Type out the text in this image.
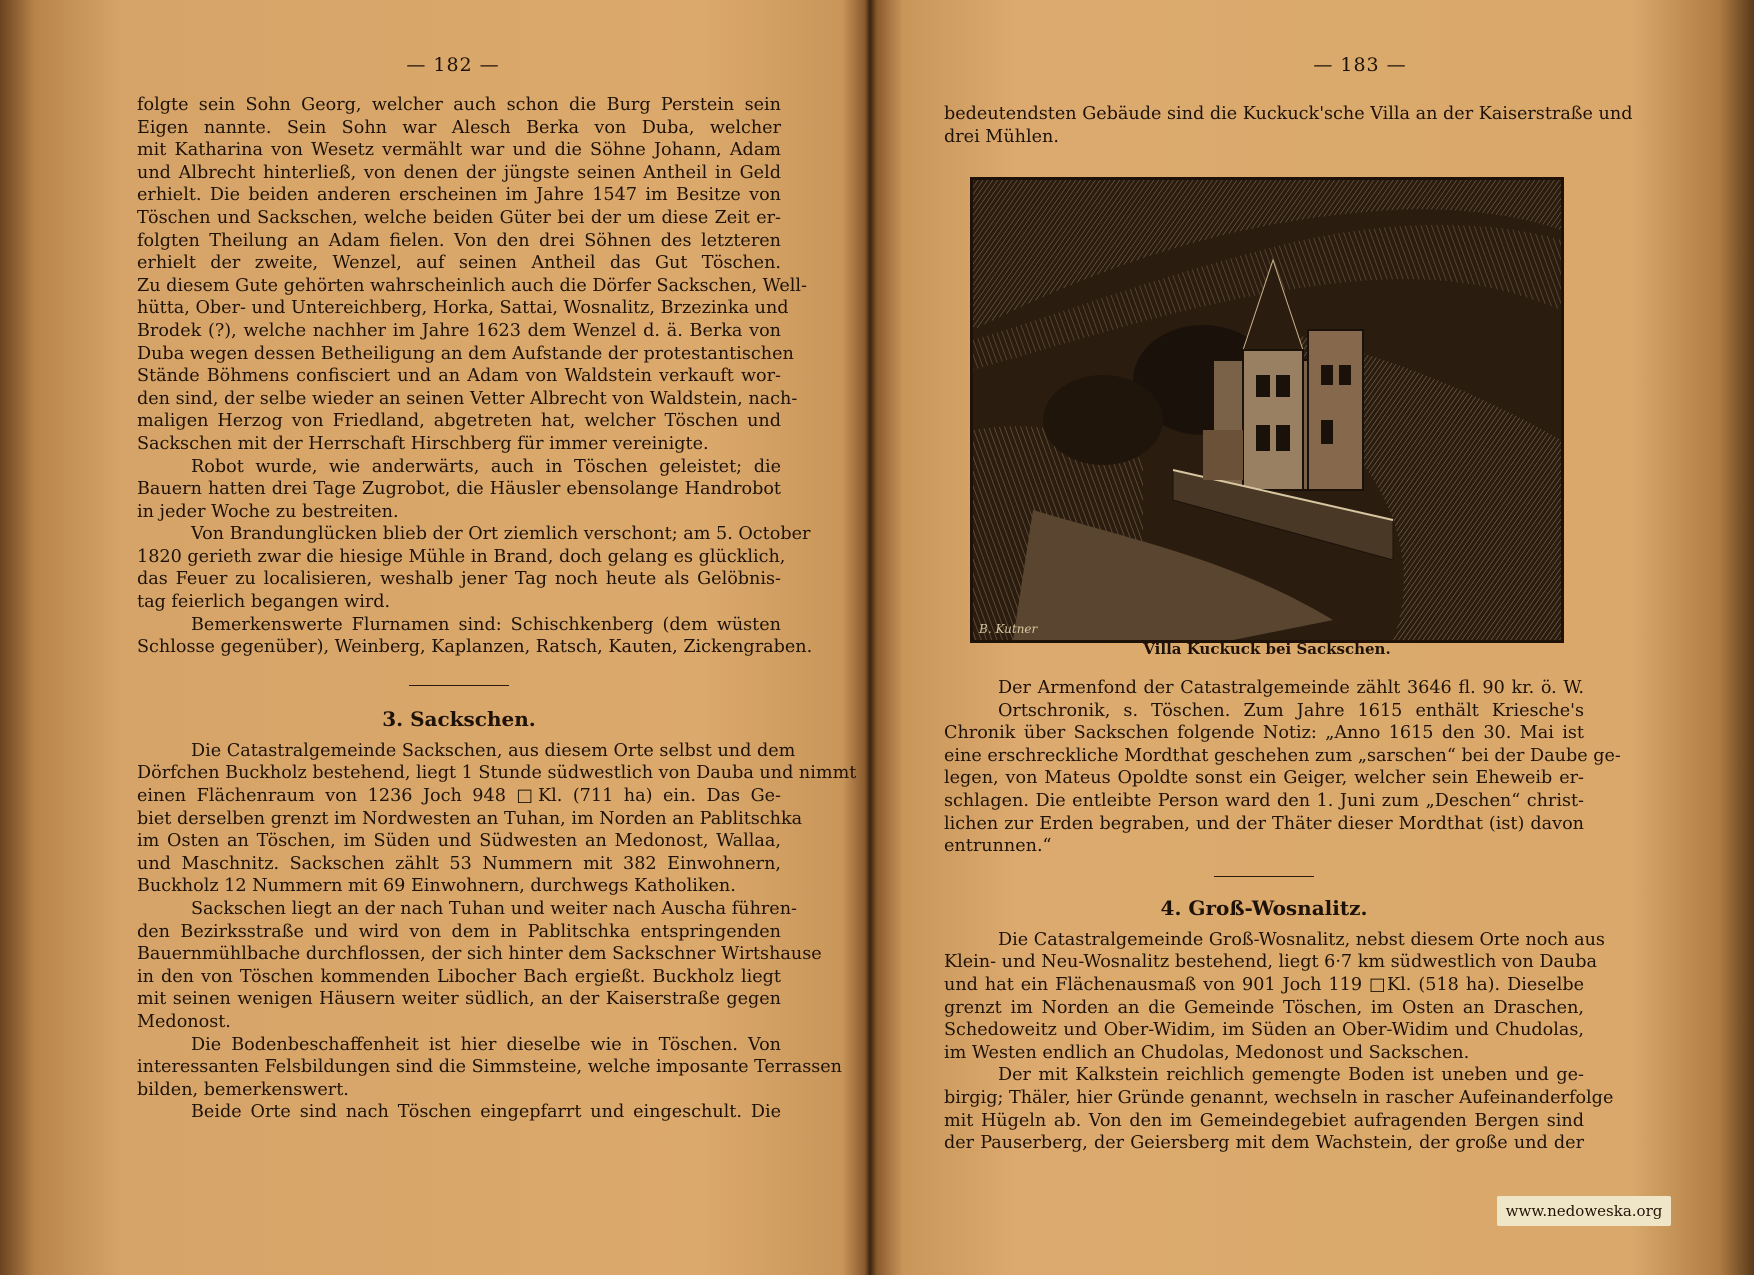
— 182 —
folgte sein Sohn Georg, welcher auch schon die Burg Perstein sein
Eigen nannte. Sein Sohn war Alesch Berka von Duba, welcher
mit Katharina von Wesetz vermählt war und die Söhne Johann, Adam
und Albrecht hinterließ, von denen der jüngste seinen Antheil in Geld
erhielt. Die beiden anderen erscheinen im Jahre 1547 im Besitze von
Töschen und Sackschen, welche beiden Güter bei der um diese Zeit er-
folgten Theilung an Adam fielen. Von den drei Söhnen des letzteren
erhielt der zweite, Wenzel, auf seinen Antheil das Gut Töschen.
Zu diesem Gute gehörten wahrscheinlich auch die Dörfer Sackschen, Well-
hütta, Ober- und Untereichberg, Horka, Sattai, Wosnalitz, Brzezinka und
Brodek (?), welche nachher im Jahre 1623 dem Wenzel d. ä. Berka von
Duba wegen dessen Betheiligung an dem Aufstande der protestantischen
Stände Böhmens confisciert und an Adam von Waldstein verkauft wor-
den sind, der selbe wieder an seinen Vetter Albrecht von Waldstein, nach-
maligen Herzog von Friedland, abgetreten hat, welcher Töschen und
Sackschen mit der Herrschaft Hirschberg für immer vereinigte.
Robot wurde, wie anderwärts, auch in Töschen geleistet; die
Bauern hatten drei Tage Zugrobot, die Häusler ebensolange Handrobot
in jeder Woche zu bestreiten.
Von Brandunglücken blieb der Ort ziemlich verschont; am 5. October
1820 gerieth zwar die hiesige Mühle in Brand, doch gelang es glücklich,
das Feuer zu localisieren, weshalb jener Tag noch heute als Gelöbnis-
tag feierlich begangen wird.
Bemerkenswerte Flurnamen sind: Schischkenberg (dem wüsten
Schlosse gegenüber), Weinberg, Kaplanzen, Ratsch, Kauten, Zickengraben.
3. Sackschen.
Die Catastralgemeinde Sackschen, aus diesem Orte selbst und dem
Dörfchen Buckholz bestehend, liegt 1 Stunde südwestlich von Dauba und nimmt
einen Flächenraum von 1236 Joch 948 □Kl. (711 ha) ein. Das Ge-
biet derselben grenzt im Nordwesten an Tuhan, im Norden an Pablitschka
im Osten an Töschen, im Süden und Südwesten an Medonost, Wallaa,
und Maschnitz. Sackschen zählt 53 Nummern mit 382 Einwohnern,
Buckholz 12 Nummern mit 69 Einwohnern, durchwegs Katholiken.
Sackschen liegt an der nach Tuhan und weiter nach Auscha führen-
den Bezirksstraße und wird von dem in Pablitschka entspringenden
Bauernmühlbache durchflossen, der sich hinter dem Sackschner Wirtshause
in den von Töschen kommenden Libocher Bach ergießt. Buckholz liegt
mit seinen wenigen Häusern weiter südlich, an der Kaiserstraße gegen
Medonost.
Die Bodenbeschaffenheit ist hier dieselbe wie in Töschen. Von
interessanten Felsbildungen sind die Simmsteine, welche imposante Terrassen
bilden, bemerkenswert.
Beide Orte sind nach Töschen eingepfarrt und eingeschult. Die
— 183 —
bedeutendsten Gebäude sind die Kuckuck'sche Villa an der Kaiserstraße und
drei Mühlen.
B. Kutner
Villa Kuckuck bei Sackschen.
Der Armenfond der Catastralgemeinde zählt 3646 fl. 90 kr. ö. W.
Ortschronik, s. Töschen. Zum Jahre 1615 enthält Kriesche's
Chronik über Sackschen folgende Notiz: „Anno 1615 den 30. Mai ist
eine erschreckliche Mordthat geschehen zum „sarschen“ bei der Daube ge-
legen, von Mateus Opoldte sonst ein Geiger, welcher sein Eheweib er-
schlagen. Die entleibte Person ward den 1. Juni zum „Deschen“ christ-
lichen zur Erden begraben, und der Thäter dieser Mordthat (ist) davon
entrunnen.“
4. Groß-Wosnalitz.
Die Catastralgemeinde Groß-Wosnalitz, nebst diesem Orte noch aus
Klein- und Neu-Wosnalitz bestehend, liegt 6·7 km südwestlich von Dauba
und hat ein Flächenausmaß von 901 Joch 119 □Kl. (518 ha). Dieselbe
grenzt im Norden an die Gemeinde Töschen, im Osten an Draschen,
Schedoweitz und Ober-Widim, im Süden an Ober-Widim und Chudolas,
im Westen endlich an Chudolas, Medonost und Sackschen.
Der mit Kalkstein reichlich gemengte Boden ist uneben und ge-
birgig; Thäler, hier Gründe genannt, wechseln in rascher Aufeinanderfolge
mit Hügeln ab. Von den im Gemeindegebiet aufragenden Bergen sind
der Pauserberg, der Geiersberg mit dem Wachstein, der große und der
www.nedoweska.org
